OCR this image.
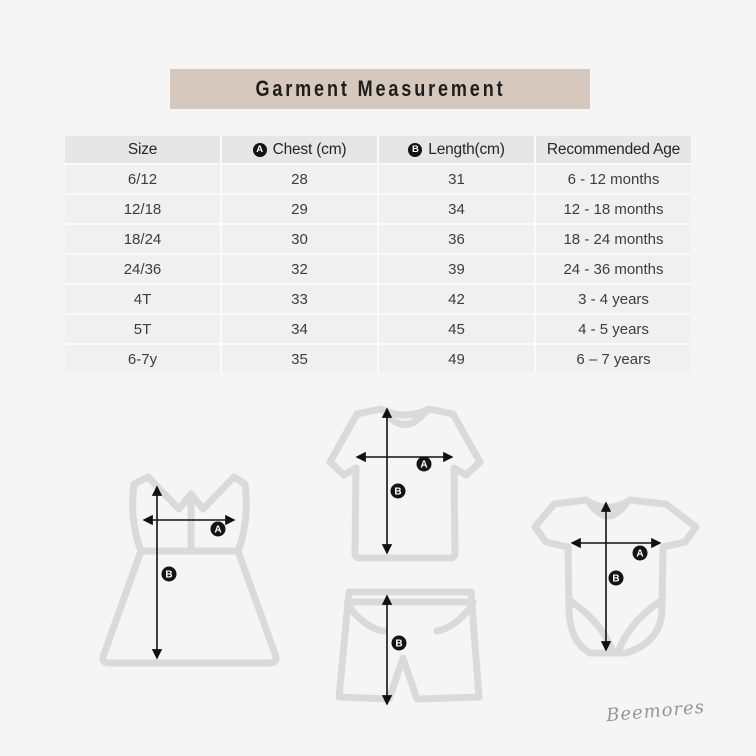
Garment Measurement
Size	A Chest (cm)	B Length(cm)	Recommended Age
6/12	28	31	6 - 12 months
12/18	29	34	12 - 18 months
18/24	30	36	18 - 24 months
24/36	32	39	24 - 36 months
4T	33	42	3 - 4 years
5T	34	45	4 - 5 years
6-7y	35	49	6 – 7 years
A
B
A
B
B
A
B
Beemores
